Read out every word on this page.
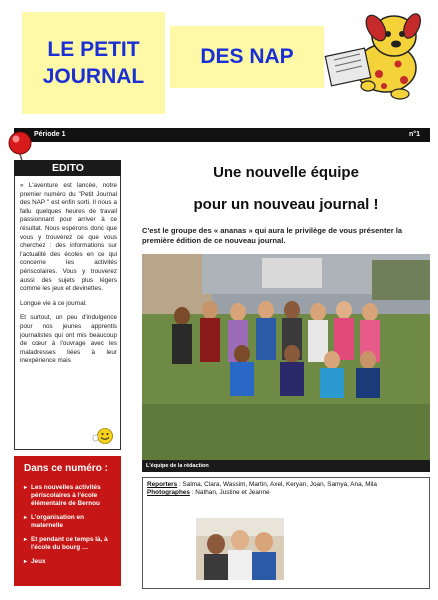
LE PETIT
JOURNAL
DES NAP
Période 1	n°1
EDITO

« L'aventure est lancée, notre premier numéro du "Petit Journal des NAP " est enfin sorti. Il nous a fallu quelques heures de travail passionnant pour arriver à ce résultat. Nous espérons donc que vous y trouverez ce que vous cherchez : des informations sur l'actualité des écoles en ce qui concerne les activités périscolaires. Vous y trouverez aussi des sujets plus légers comme les jeux et devinettes.

Longue vie à ce journal.

Et surtout, un peu d'indulgence pour nos jeunes apprentis journalistes qui ont mis beaucoup de cœur à l'ouvrage avec les maladresses liées à leur inexpérience mais

Dans ce numéro :
▸ Les nouvelles activités périscolaires à l'école élémentaire de Bernou
▸ L'organisation en maternelle
▸ Et pendant ce temps là, à l'école du bourg …
▸ Jeux
Une nouvelle équipe
pour un nouveau journal !
C'est le groupe des « ananas » qui aura le privilège de vous présenter la première édition de ce nouveau journal.
L'équipe de la rédaction
Reporters : Salma, Clara, Wassim, Martin, Axel, Keryan, Joan, Samya, Ana, Mila
Photographes : Nathan, Justine et Jeanne
